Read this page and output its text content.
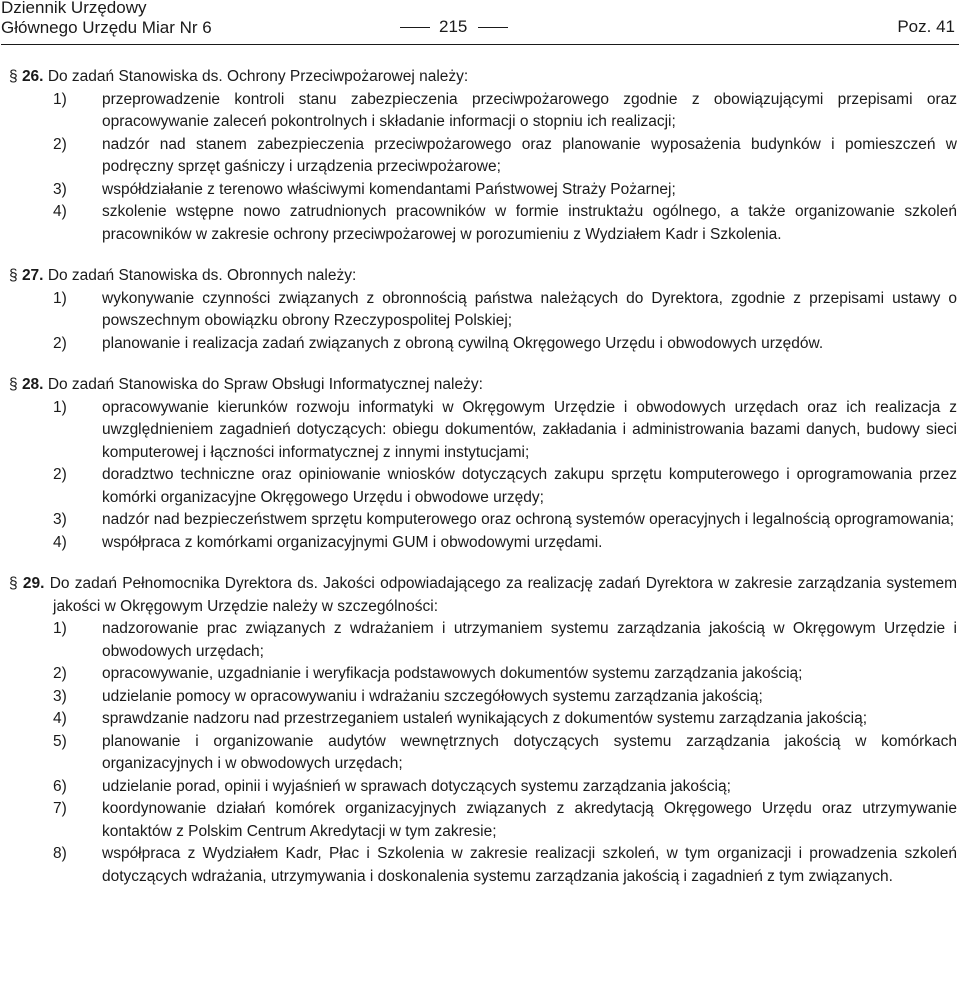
Dziennik Urzędowy
Głównego Urzędu Miar Nr 6	215	Poz. 41
§ 26. Do zadań Stanowiska ds. Ochrony Przeciwpożarowej należy:
1)	przeprowadzenie kontroli stanu zabezpieczenia przeciwpożarowego zgodnie z obowiązującymi przepisami oraz opracowywanie zaleceń pokontrolnych i składanie informacji o stopniu ich realizacji;
2)	nadzór nad stanem zabezpieczenia przeciwpożarowego oraz planowanie wyposażenia budynków i pomieszczeń w podręczny sprzęt gaśniczy i urządzenia przeciwpożarowe;
3)	współdziałanie z terenowo właściwymi komendantami Państwowej Straży Pożarnej;
4)	szkolenie wstępne nowo zatrudnionych pracowników w formie instruktażu ogólnego, a także organizowanie szkoleń pracowników w zakresie ochrony przeciwpożarowej w porozumieniu z Wydziałem Kadr i Szkolenia.
§ 27. Do zadań Stanowiska ds. Obronnych należy:
1)	wykonywanie czynności związanych z obronnością państwa należących do Dyrektora, zgodnie z przepisami ustawy o powszechnym obowiązku obrony Rzeczypospolitej Polskiej;
2)	planowanie i realizacja zadań związanych z obroną cywilną Okręgowego Urzędu i obwodowych urzędów.
§ 28. Do zadań Stanowiska do Spraw Obsługi Informatycznej należy:
1)	opracowywanie kierunków rozwoju informatyki w Okręgowym Urzędzie i obwodowych urzędach oraz ich realizacja z uwzględnieniem zagadnień dotyczących: obiegu dokumentów, zakładania i administrowania bazami danych, budowy sieci komputerowej i łączności informatycznej z innymi instytucjami;
2)	doradztwo techniczne oraz opiniowanie wniosków dotyczących zakupu sprzętu komputerowego i oprogramowania przez komórki organizacyjne Okręgowego Urzędu i obwodowe urzędy;
3)	nadzór nad bezpieczeństwem sprzętu komputerowego oraz ochroną systemów operacyjnych i legalnością oprogramowania;
4)	współpraca z komórkami organizacyjnymi GUM i obwodowymi urzędami.
§ 29. Do zadań Pełnomocnika Dyrektora ds. Jakości odpowiadającego za realizację zadań Dyrektora w zakresie zarządzania systemem jakości w Okręgowym Urzędzie należy w szczególności:
1)	nadzorowanie prac związanych z wdrażaniem i utrzymaniem systemu zarządzania jakością w Okręgowym Urzędzie i obwodowych urzędach;
2)	opracowywanie, uzgadnianie i weryfikacja podstawowych dokumentów systemu zarządzania jakością;
3)	udzielanie pomocy w opracowywaniu i wdrażaniu szczegółowych systemu zarządzania jakością;
4)	sprawdzanie nadzoru nad przestrzeganiem ustaleń wynikających z dokumentów systemu zarządzania jakością;
5)	planowanie i organizowanie audytów wewnętrznych dotyczących systemu zarządzania jakością w komórkach organizacyjnych i w obwodowych urzędach;
6)	udzielanie porad, opinii i wyjaśnień w sprawach dotyczących systemu zarządzania jakością;
7)	koordynowanie działań komórek organizacyjnych związanych z akredytacją Okręgowego Urzędu oraz utrzymywanie kontaktów z Polskim Centrum Akredytacji w tym zakresie;
8)	współpraca z Wydziałem Kadr, Płac i Szkolenia w zakresie realizacji szkoleń, w tym organizacji i prowadzenia szkoleń dotyczących wdrażania, utrzymywania i doskonalenia systemu zarządzania jakością i zagadnień z tym związanych.
